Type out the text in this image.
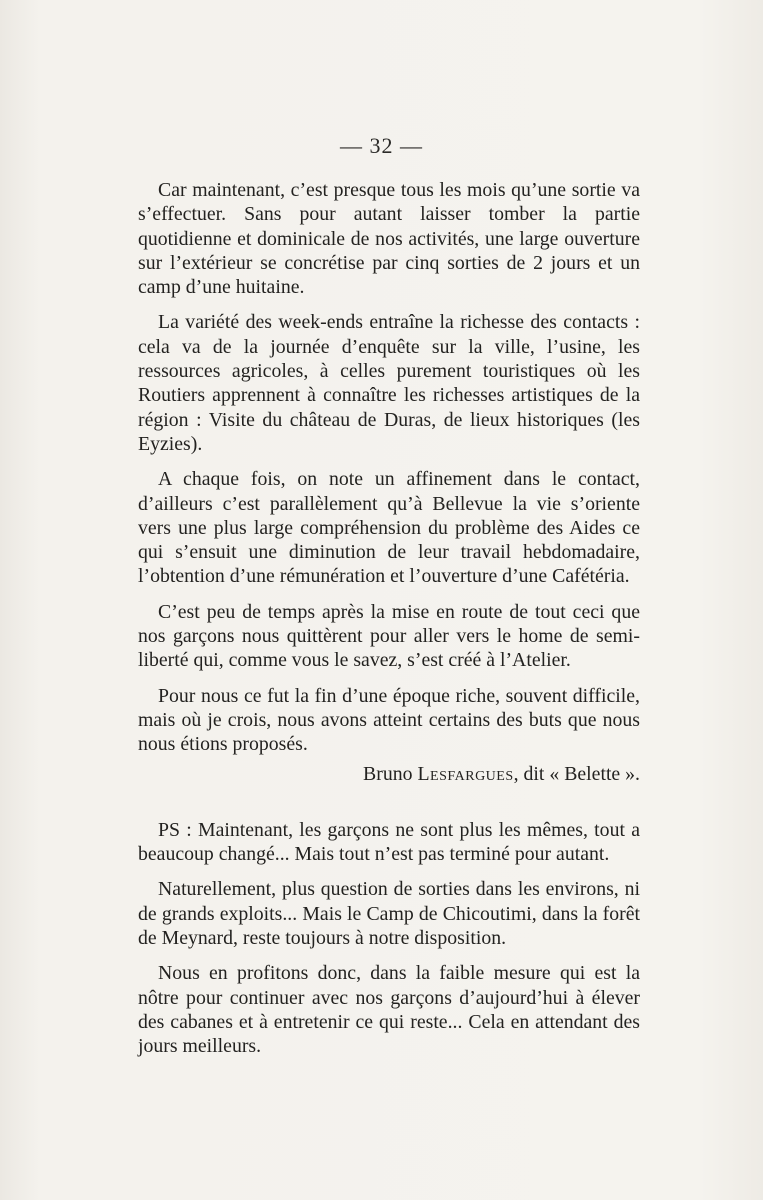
— 32 —

Car maintenant, c’est presque tous les mois qu’une sortie va s’effectuer. Sans pour autant laisser tomber la partie quotidienne et dominicale de nos activités, une large ouverture sur l’extérieur se concrétise par cinq sorties de 2 jours et un camp d’une huitaine.

La variété des week-ends entraîne la richesse des contacts : cela va de la journée d’enquête sur la ville, l’usine, les ressources agricoles, à celles purement touristiques où les Routiers apprennent à connaître les richesses artistiques de la région : Visite du château de Duras, de lieux historiques (les Eyzies).

A chaque fois, on note un affinement dans le contact, d’ailleurs c’est parallèlement qu’à Bellevue la vie s’oriente vers une plus large compréhension du problème des Aides ce qui s’ensuit une diminution de leur travail hebdomadaire, l’obtention d’une rémunération et l’ouverture d’une Cafétéria.

C’est peu de temps après la mise en route de tout ceci que nos garçons nous quittèrent pour aller vers le home de semi-liberté qui, comme vous le savez, s’est créé à l’Atelier.

Pour nous ce fut la fin d’une époque riche, souvent difficile, mais où je crois, nous avons atteint certains des buts que nous nous étions proposés.

Bruno Lesfargues, dit « Belette ».

PS : Maintenant, les garçons ne sont plus les mêmes, tout a beaucoup changé... Mais tout n’est pas terminé pour autant.

Naturellement, plus question de sorties dans les environs, ni de grands exploits... Mais le Camp de Chicoutimi, dans la forêt de Meynard, reste toujours à notre disposition.

Nous en profitons donc, dans la faible mesure qui est la nôtre pour continuer avec nos garçons d’aujourd’hui à élever des cabanes et à entretenir ce qui reste... Cela en attendant des jours meilleurs.
